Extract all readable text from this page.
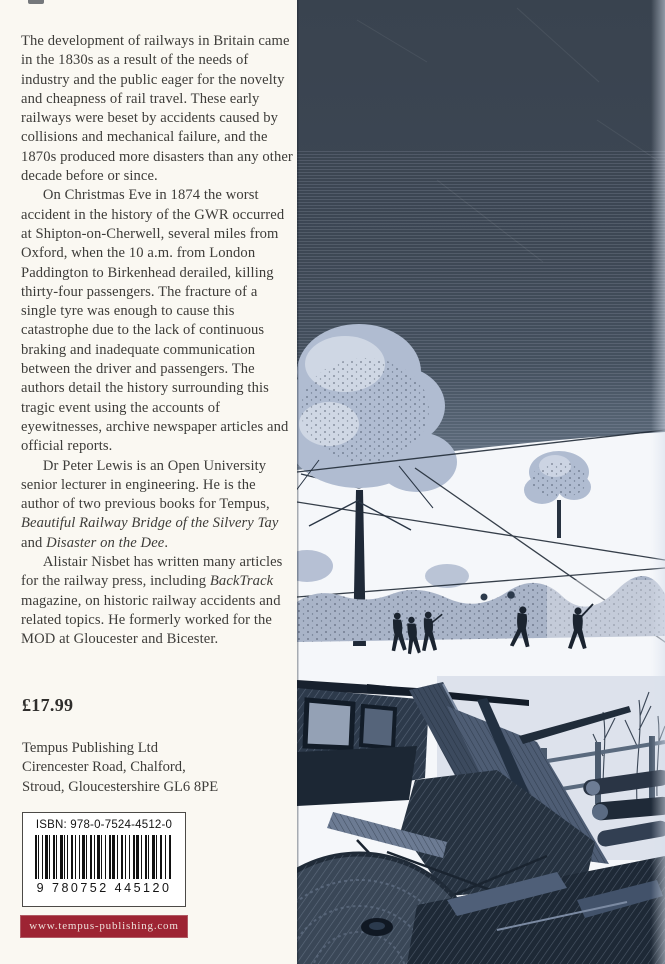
The development of railways in Britain came in the 1830s as a result of the needs of industry and the public eager for the novelty and cheapness of rail travel. These early railways were beset by accidents caused by collisions and mechanical failure, and the 1870s produced more disasters than any other decade before or since.

On Christmas Eve in 1874 the worst accident in the history of the GWR occurred at Shipton-on-Cherwell, several miles from Oxford, when the 10 a.m. from London Paddington to Birkenhead derailed, killing thirty-four passengers. The fracture of a single tyre was enough to cause this catastrophe due to the lack of continuous braking and inadequate communication between the driver and passengers. The authors detail the history surrounding this tragic event using the accounts of eyewitnesses, archive newspaper articles and official reports.

Dr Peter Lewis is an Open University senior lecturer in engineering. He is the author of two previous books for Tempus, Beautiful Railway Bridge of the Silvery Tay and Disaster on the Dee.

Alistair Nisbet has written many articles for the railway press, including BackTrack magazine, on historic railway accidents and related topics. He formerly worked for the MOD at Gloucester and Bicester.

£17.99
Tempus Publishing Ltd
Cirencester Road, Chalford,
Stroud, Gloucestershire GL6 8PE
ISBN: 978-0-7524-4512-0
9 780752 445120
www.tempus-publishing.com
